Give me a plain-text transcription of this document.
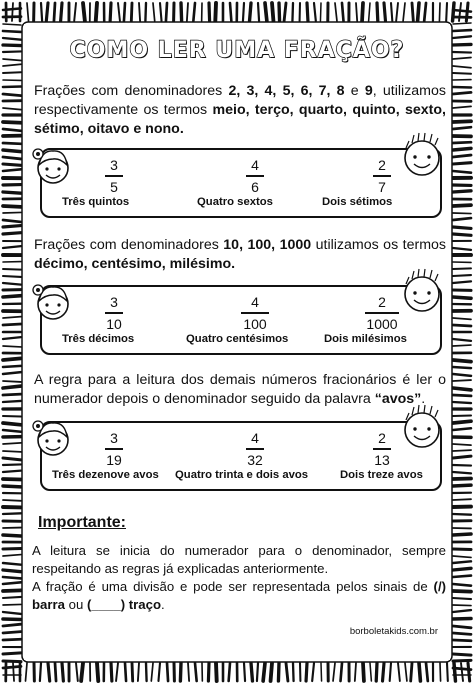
COMO LER UMA FRAÇÃO?
Frações com denominadores 2, 3, 4, 5, 6, 7, 8 e 9, utilizamos respectivamente os termos meio, terço, quarto, quinto, sexto, sétimo, oitavo e nono.
3
5
4
6
2
7
Três quintos	Quatro sextos	Dois sétimos
Frações com denominadores 10, 100, 1000 utilizamos os termos décimo, centésimo, milésimo.
3
10
4
100
2
1000
Três décimos	Quatro centésimos	Dois milésimos
A regra para a leitura dos demais números fracionários é ler o numerador depois o denominador seguido da palavra “avos”.
3
19
4
32
2
13
Três dezenove avos Quatro trinta e dois avos	Dois treze avos
Importante:
A leitura se inicia do numerador para o denominador, sempre respeitando as regras já explicadas anteriormente.
A fração é uma divisão e pode ser representada pelos sinais de (/) barra ou (____) traço.
borboletakids.com.br
